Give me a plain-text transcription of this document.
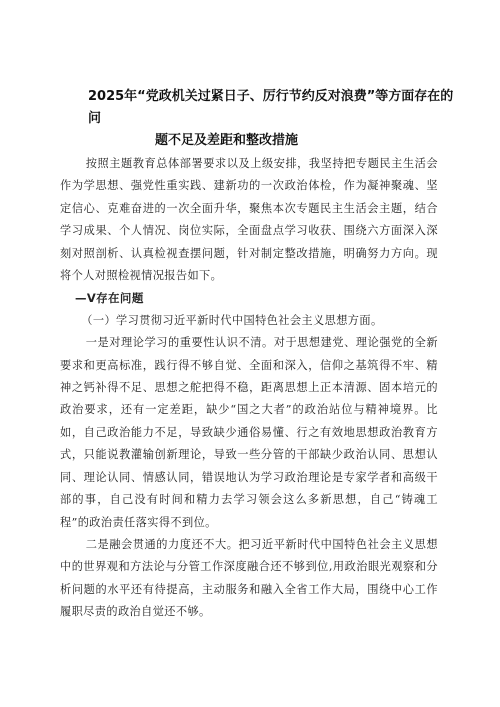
2025年“党政机关过紧日子、厉行节约反对浪费”等方面存在的问
题不足及差距和整改措施

按照主题教育总体部署要求以及上级安排，我坚持把专题民主生活会作为学思想、强党性重实践、建新功的一次政治体检，作为凝神聚魂、坚定信心、克难奋进的一次全面升华，聚焦本次专题民主生活会主题，结合学习成果、个人情况、岗位实际，全面盘点学习收获、围绕六方面深入深刻对照剖析、认真检视查摆问题，针对制定整改措施，明确努力方向。现将个人对照检视情况报告如下。

—V存在问题

（一）学习贯彻习近平新时代中国特色社会主义思想方面。

一是对理论学习的重要性认识不清。对于思想建党、理论强党的全新要求和更高标准，践行得不够自觉、全面和深入，信仰之基筑得不牢、精神之钙补得不足、思想之舵把得不稳，距离思想上正本清源、固本培元的政治要求，还有一定差距，缺少“国之大者”的政治站位与精神境界。比如，自己政治能力不足，导致缺少通俗易懂、行之有效地思想政治教育方式，只能说教灌输创新理论，导致一些分管的干部缺少政治认同、思想认同、理论认同、情感认同，错误地认为学习政治理论是专家学者和高级干部的事，自己没有时间和精力去学习领会这么多新思想，自己“铸魂工程”的政治责任落实得不到位。

二是融会贯通的力度还不大。把习近平新时代中国特色社会主义思想中的世界观和方法论与分管工作深度融合还不够到位,用政治眼光观察和分析问题的水平还有待提高，主动服务和融入全省工作大局，围绕中心工作履职尽责的政治自觉还不够。
